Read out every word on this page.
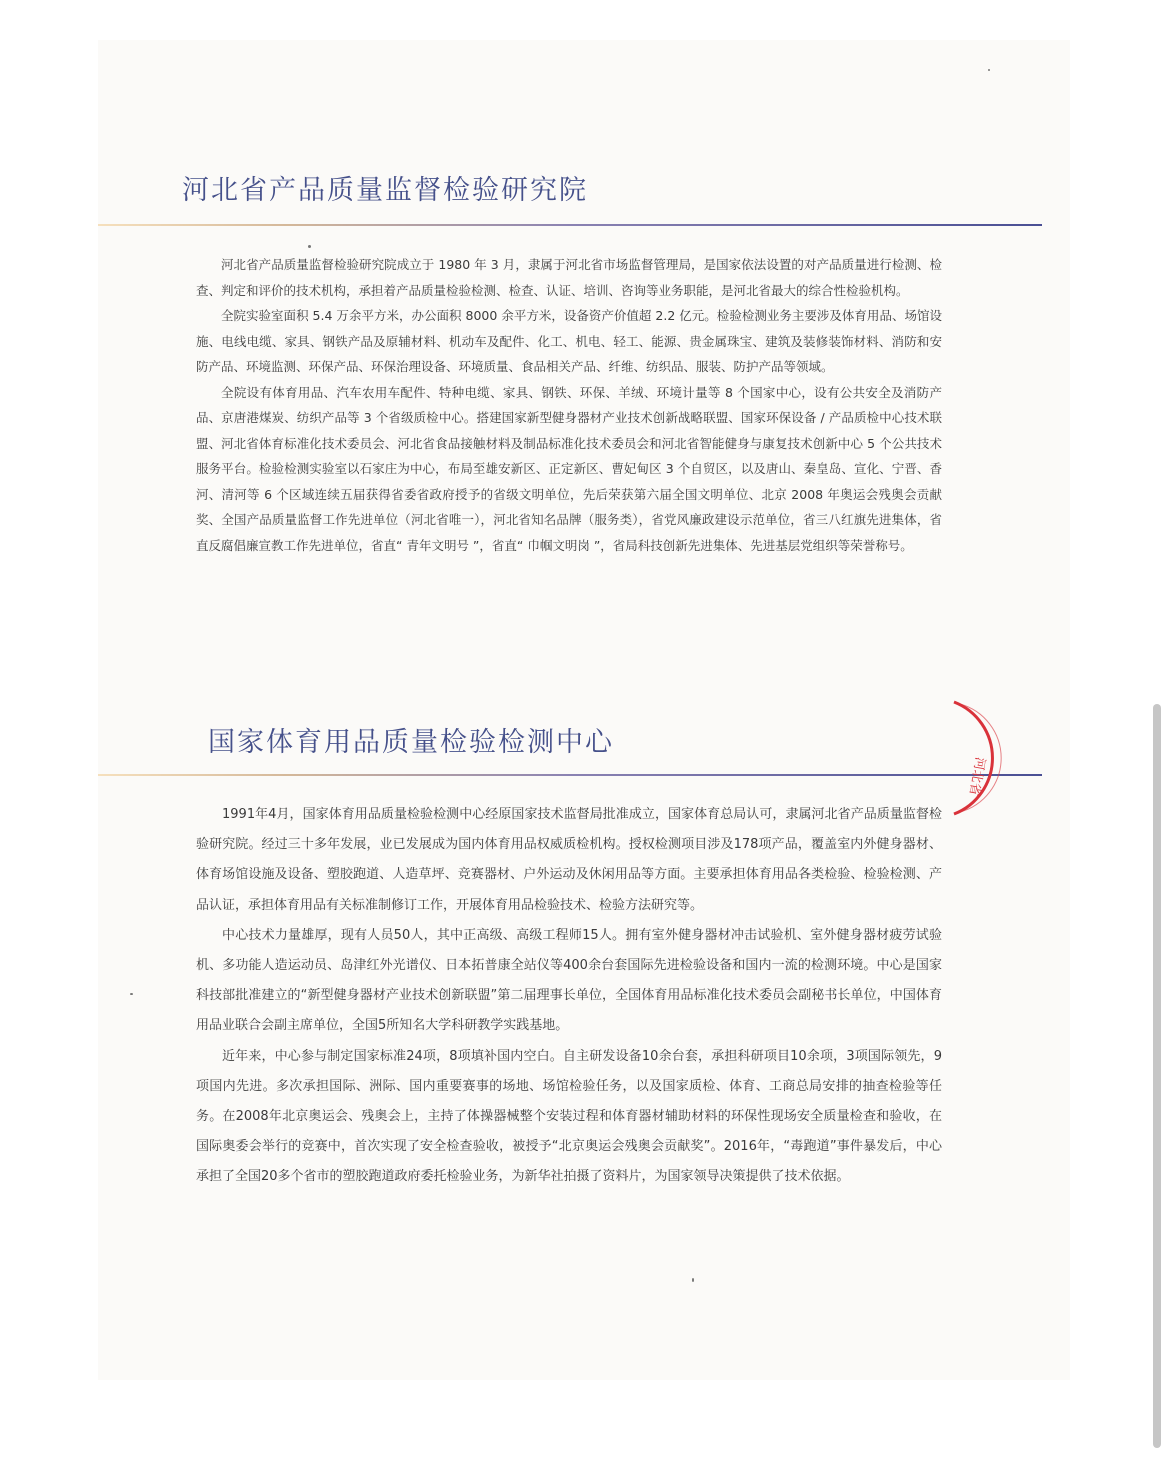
河北省产品质量监督检验研究院

河北省产品质量监督检验研究院成立于 1980 年 3 月，隶属于河北省市场监督管理局，是国家依法设置的对产品质量进行检测、检查、判定和评价的技术机构，承担着产品质量检验检测、检查、认证、培训、咨询等业务职能，是河北省最大的综合性检验机构。

全院实验室面积 5.4 万余平方米，办公面积 8000 余平方米，设备资产价值超 2.2 亿元。检验检测业务主要涉及体育用品、场馆设施、电线电缆、家具、钢铁产品及原辅材料、机动车及配件、化工、机电、轻工、能源、贵金属珠宝、建筑及装修装饰材料、消防和安防产品、环境监测、环保产品、环保治理设备、环境质量、食品相关产品、纤维、纺织品、服装、防护产品等领域。

全院设有体育用品、汽车农用车配件、特种电缆、家具、钢铁、环保、羊绒、环境计量等 8 个国家中心，设有公共安全及消防产品、京唐港煤炭、纺织产品等 3 个省级质检中心。搭建国家新型健身器材产业技术创新战略联盟、国家环保设备 / 产品质检中心技术联盟、河北省体育标准化技术委员会、河北省食品接触材料及制品标准化技术委员会和河北省智能健身与康复技术创新中心 5 个公共技术服务平台。检验检测实验室以石家庄为中心，布局至雄安新区、正定新区、曹妃甸区 3 个自贸区，以及唐山、秦皇岛、宣化、宁晋、香河、清河等 6 个区域连续五届获得省委省政府授予的省级文明单位，先后荣获第六届全国文明单位、北京 2008 年奥运会残奥会贡献奖、全国产品质量监督工作先进单位（河北省唯一），河北省知名品牌（服务类），省党风廉政建设示范单位，省三八红旗先进集体，省直反腐倡廉宣教工作先进单位，省直“ 青年文明号 ”，省直“ 巾帼文明岗 ”，省局科技创新先进集体、先进基层党组织等荣誉称号。

国家体育用品质量检验检测中心

1991年4月，国家体育用品质量检验检测中心经原国家技术监督局批准成立，国家体育总局认可，隶属河北省产品质量监督检验研究院。经过三十多年发展，业已发展成为国内体育用品权威质检机构。授权检测项目涉及178项产品，覆盖室内外健身器材、体育场馆设施及设备、塑胶跑道、人造草坪、竞赛器材、户外运动及休闲用品等方面。主要承担体育用品各类检验、检验检测、产品认证，承担体育用品有关标准制修订工作，开展体育用品检验技术、检验方法研究等。

中心技术力量雄厚，现有人员50人，其中正高级、高级工程师15人。拥有室外健身器材冲击试验机、室外健身器材疲劳试验机、多功能人造运动员、岛津红外光谱仪、日本拓普康全站仪等400余台套国际先进检验设备和国内一流的检测环境。中心是国家科技部批准建立的“新型健身器材产业技术创新联盟”第二届理事长单位，全国体育用品标准化技术委员会副秘书长单位，中国体育用品业联合会副主席单位，全国5所知名大学科研教学实践基地。

近年来，中心参与制定国家标准24项，8项填补国内空白。自主研发设备10余台套，承担科研项目10余项，3项国际领先，9项国内先进。多次承担国际、洲际、国内重要赛事的场地、场馆检验任务，以及国家质检、体育、工商总局安排的抽查检验等任务。在2008年北京奥运会、残奥会上，主持了体操器械整个安装过程和体育器材辅助材料的环保性现场安全质量检查和验收，在国际奥委会举行的竞赛中，首次实现了安全检查验收，被授予“北京奥运会残奥会贡献奖”。2016年，“毒跑道”事件暴发后，中心承担了全国20多个省市的塑胶跑道政府委托检验业务，为新华社拍摄了资料片，为国家领导决策提供了技术依据。

河北省
